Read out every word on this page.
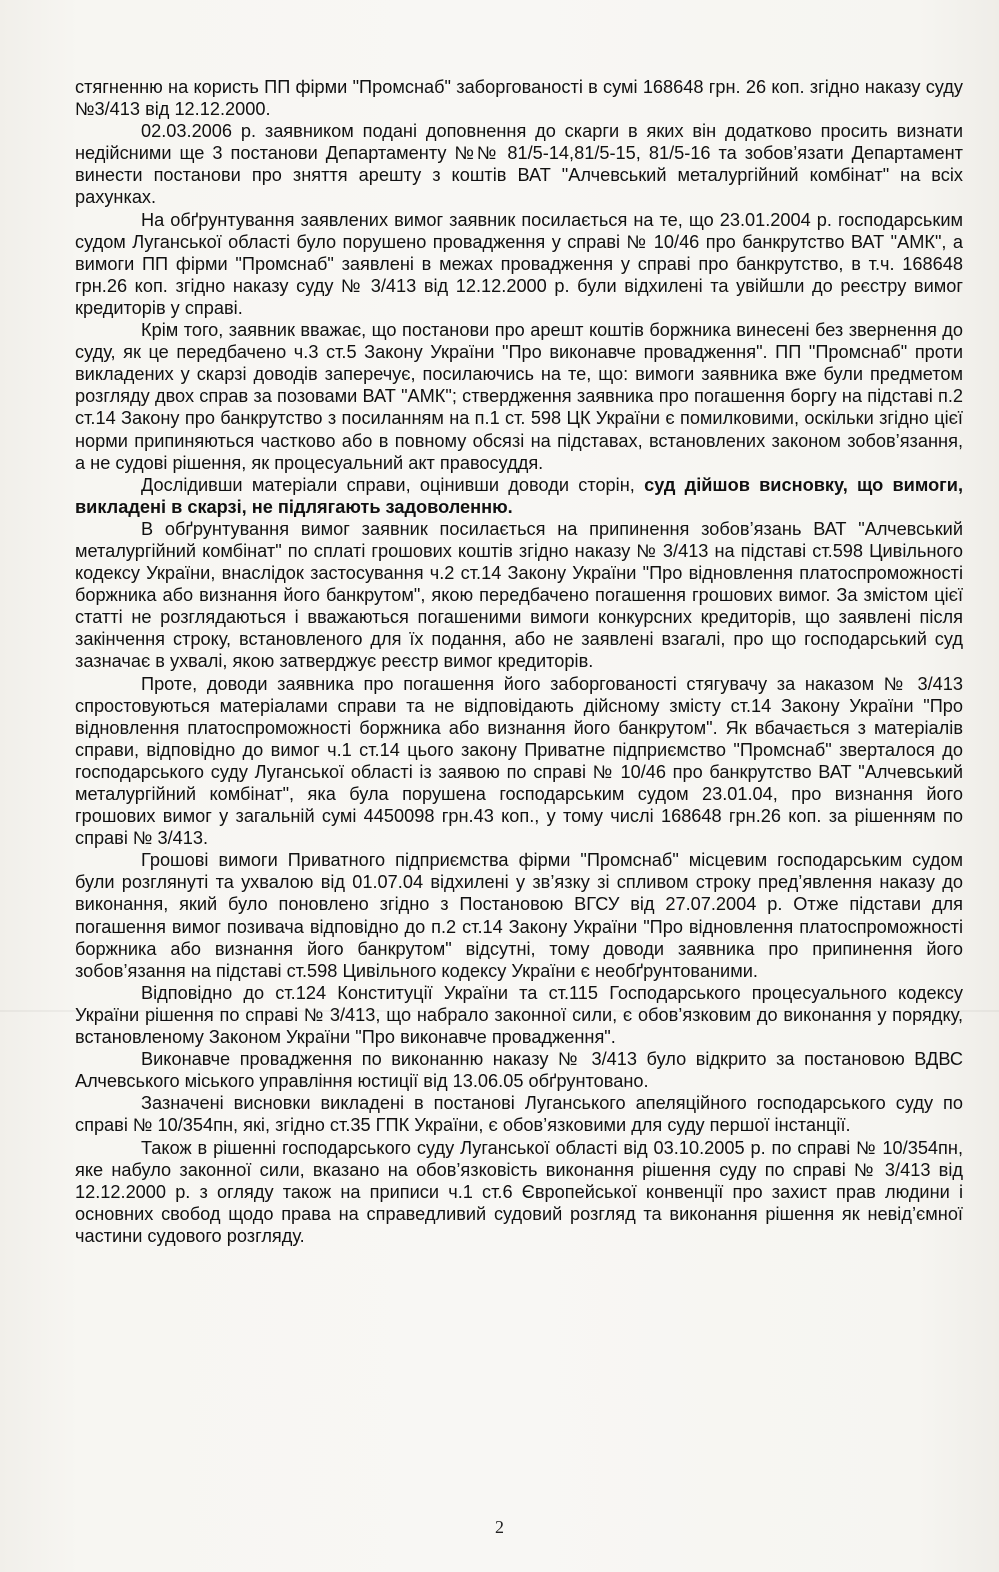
стягненню на користь ПП фірми "Промснаб" заборгованості в сумі 168648 грн. 26 коп. згідно наказу суду №3/413 від 12.12.2000.

02.03.2006 р. заявником подані доповнення до скарги в яких він додатково просить визнати недійсними ще 3 постанови Департаменту №№ 81/5-14,81/5-15, 81/5-16 та зобов’язати Департамент винести постанови про зняття арешту з коштів ВАТ "Алчевський металургійний комбінат" на всіх рахунках.

На обґрунтування заявлених вимог заявник посилається на те, що 23.01.2004 р. господарським судом Луганської області було порушено провадження у справі № 10/46 про банкрутство ВАТ "АМК", а вимоги ПП фірми "Промснаб" заявлені в межах провадження у справі про банкрутство, в т.ч. 168648 грн.26 коп. згідно наказу суду № 3/413 від 12.12.2000 р. були відхилені та увійшли до реєстру вимог кредиторів у справі.

Крім того, заявник вважає, що постанови про арешт коштів боржника винесені без звернення до суду, як це передбачено ч.3 ст.5 Закону України "Про виконавче провадження". ПП "Промснаб" проти викладених у скарзі доводів заперечує, посилаючись на те, що: вимоги заявника вже були предметом розгляду двох справ за позовами ВАТ "АМК"; ствердження заявника про погашення боргу на підставі п.2 ст.14 Закону про банкрутство з посиланням на п.1 ст. 598 ЦК України є помилковими, оскільки згідно цієї норми припиняються частково або в повному обсязі на підставах, встановлених законом зобов’язання, а не судові рішення, як процесуальний акт правосуддя.

Дослідивши матеріали справи, оцінивши доводи сторін, суд дійшов висновку, що вимоги, викладені в скарзі, не підлягають задоволенню.

В обґрунтування вимог заявник посилається на припинення зобов’язань ВАТ "Алчевський металургійний комбінат" по сплаті грошових коштів згідно наказу № 3/413 на підставі ст.598 Цивільного кодексу України, внаслідок застосування ч.2 ст.14 Закону України "Про відновлення платоспроможності боржника або визнання його банкрутом", якою передбачено погашення грошових вимог. За змістом цієї статті не розглядаються і вважаються погашеними вимоги конкурсних кредиторів, що заявлені після закінчення строку, встановленого для їх подання, або не заявлені взагалі, про що господарський суд зазначає в ухвалі, якою затверджує реєстр вимог кредиторів.

Проте, доводи заявника про погашення його заборгованості стягувачу за наказом № 3/413 спростовуються матеріалами справи та не відповідають дійсному змісту ст.14 Закону України "Про відновлення платоспроможності боржника або визнання його банкрутом". Як вбачається з матеріалів справи, відповідно до вимог ч.1 ст.14 цього закону Приватне підприємство "Промснаб" зверталося до господарського суду Луганської області із заявою по справі № 10/46 про банкрутство ВАТ "Алчевський металургійний комбінат", яка була порушена господарським судом 23.01.04, про визнання його грошових вимог у загальній сумі 4450098 грн.43 коп., у тому числі 168648 грн.26 коп. за рішенням по справі № 3/413.

Грошові вимоги Приватного підприємства фірми "Промснаб" місцевим господарським судом були розглянуті та ухвалою від 01.07.04 відхилені у зв’язку зі спливом строку пред’явлення наказу до виконання, який було поновлено згідно з Постановою ВГСУ від 27.07.2004 р. Отже підстави для погашення вимог позивача відповідно до п.2 ст.14 Закону України "Про відновлення платоспроможності боржника або визнання його банкрутом" відсутні, тому доводи заявника про припинення його зобов’язання на підставі ст.598 Цивільного кодексу України є необґрунтованими.

Відповідно до ст.124 Конституції України та ст.115 Господарського процесуального кодексу України рішення по справі № 3/413, що набрало законної сили, є обов’язковим до виконання у порядку, встановленому Законом України "Про виконавче провадження".

Виконавче провадження по виконанню наказу № 3/413 було відкрито за постановою ВДВС Алчевського міського управління юстиції від 13.06.05 обґрунтовано.

Зазначені висновки викладені в постанові Луганського апеляційного господарського суду по справі № 10/354пн, які, згідно ст.35 ГПК України, є обов’язковими для суду першої інстанції.

Також в рішенні господарського суду Луганської області від 03.10.2005 р. по справі № 10/354пн, яке набуло законної сили, вказано на обов’язковість виконання рішення суду по справі № 3/413 від 12.12.2000 р. з огляду також на приписи ч.1 ст.6 Європейської конвенції про захист прав людини і основних свобод щодо права на справедливий судовий розгляд та виконання рішення як невід’ємної частини судового розгляду.

2
